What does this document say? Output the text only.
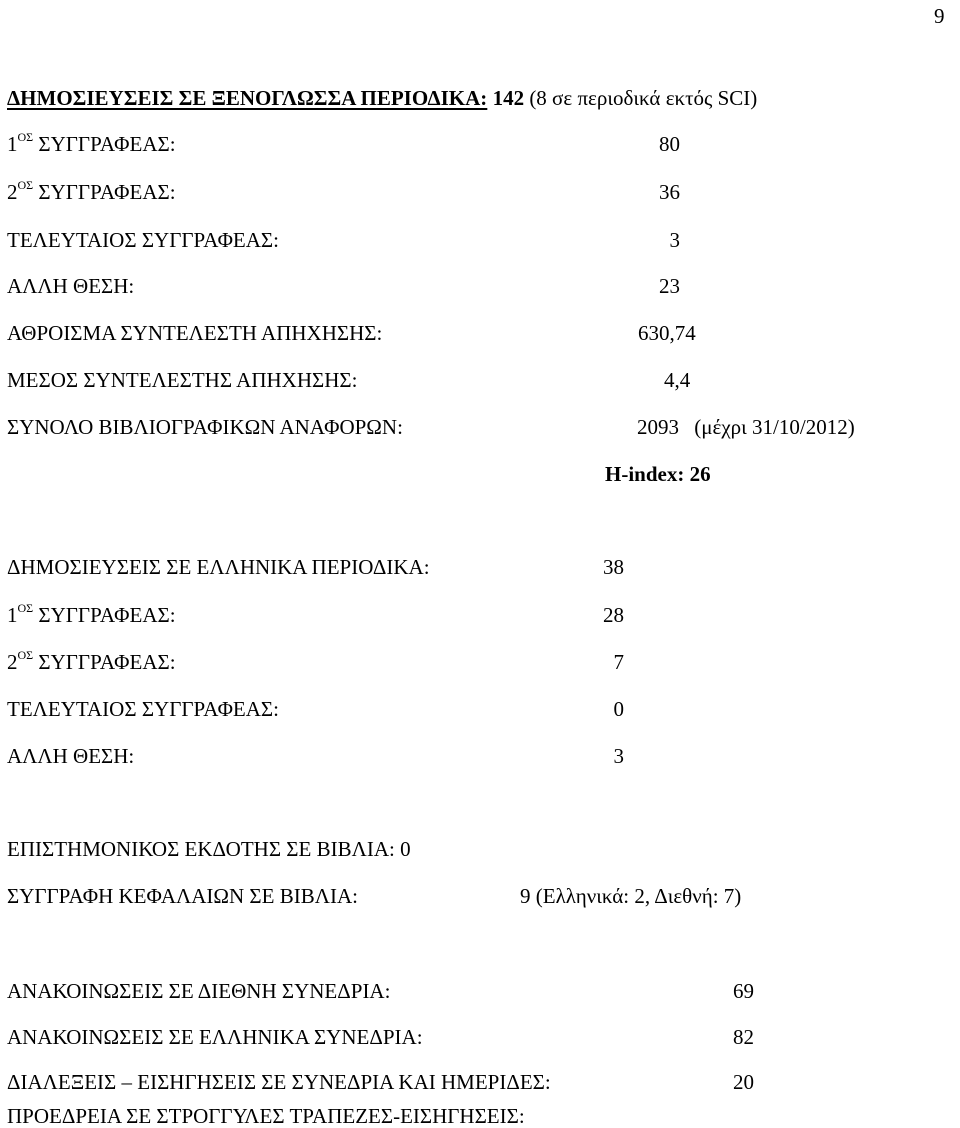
9
ΔΗΜΟΣΙΕΥΣΕΙΣ ΣΕ ΞΕΝΟΓΛΩΣΣΑ ΠΕΡΙΟΔΙΚΑ: 142 (8 σε περιοδικά εκτός SCI)
$1^{O\Sigma}$ ΣΥΓΓΡΑΦΕΑΣ:	80
$2^{O\Sigma}$ ΣΥΓΓΡΑΦΕΑΣ:	36
ΤΕΛΕΥΤΑΙΟΣ ΣΥΓΓΡΑΦΕΑΣ:	3
ΑΛΛΗ ΘΕΣΗ:	23
ΑΘΡΟΙΣΜΑ ΣΥΝΤΕΛΕΣΤΗ ΑΠΗΧΗΣΗΣ:	630,74
ΜΕΣΟΣ ΣΥΝΤΕΛΕΣΤΗΣ ΑΠΗΧΗΣΗΣ:	4,4
ΣΥΝΟΛΟ ΒΙΒΛΙΟΓΡΑΦΙΚΩΝ ΑΝΑΦΟΡΩΝ:	2093 (μέχρι 31/10/2012)
H-index: 26
ΔΗΜΟΣΙΕΥΣΕΙΣ ΣΕ ΕΛΛΗΝΙΚΑ ΠΕΡΙΟΔΙΚΑ:	38
$1^{O\Sigma}$ ΣΥΓΓΡΑΦΕΑΣ:	28
$2^{O\Sigma}$ ΣΥΓΓΡΑΦΕΑΣ:	7
ΤΕΛΕΥΤΑΙΟΣ ΣΥΓΓΡΑΦΕΑΣ:	0
ΑΛΛΗ ΘΕΣΗ:	3
ΕΠΙΣΤΗΜΟΝΙΚΟΣ ΕΚΔΟΤΗΣ ΣΕ ΒΙΒΛΙΑ: 0
ΣΥΓΓΡΑΦΗ ΚΕΦΑΛΑΙΩΝ ΣΕ ΒΙΒΛΙΑ:	9 (Ελληνικά: 2, Διεθνή: 7)
ΑΝΑΚΟΙΝΩΣΕΙΣ ΣΕ ΔΙΕΘΝΗ ΣΥΝΕΔΡΙΑ:	69
ΑΝΑΚΟΙΝΩΣΕΙΣ ΣΕ ΕΛΛΗΝΙΚΑ ΣΥΝΕΔΡΙΑ:	82
ΔΙΑΛΕΞΕΙΣ – ΕΙΣΗΓΗΣΕΙΣ ΣΕ ΣΥΝΕΔΡΙΑ ΚΑΙ ΗΜΕΡΙΔΕΣ:	20
ΠΡΟΕΔΡΕΙΑ ΣΕ ΣΤΡΟΓΓΥΛΕΣ ΤΡΑΠΕΖΕΣ-ΕΙΣΗΓΗΣΕΙΣ:
